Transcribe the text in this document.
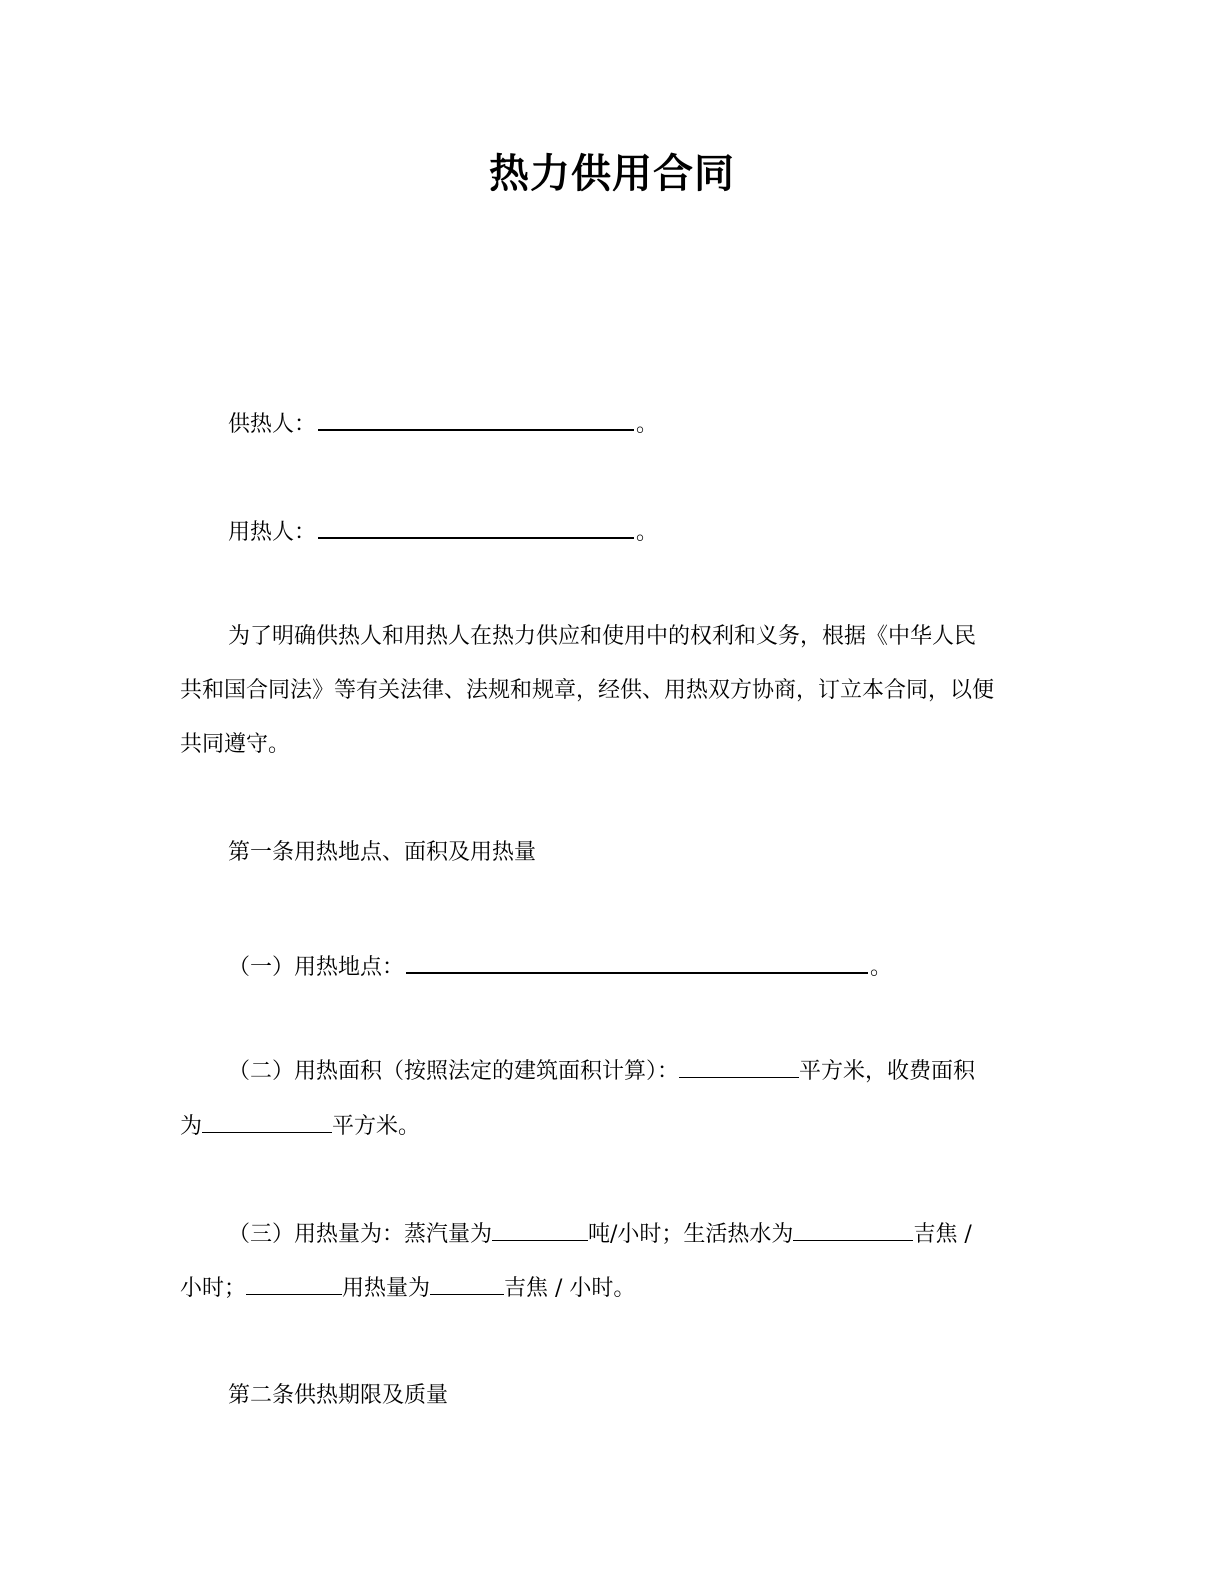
热力供用合同

供热人：	。

用热人：	。

为了明确供热人和用热人在热力供应和使用中的权利和义务，根据《中华人民

共和国合同法》等有关法律、法规和规章，经供、用热双方协商，订立本合同，以便

共同遵守。

第一条用热地点、面积及用热量

（一）用热地点：	。

（二）用热面积（按照法定的建筑面积计算）：	平方米，收费面积

为	平方米。

（三）用热量为：蒸汽量为	吨/小时；生活热水为	吉焦 /

小时；	用热量为	吉焦 / 小时。

第二条供热期限及质量
